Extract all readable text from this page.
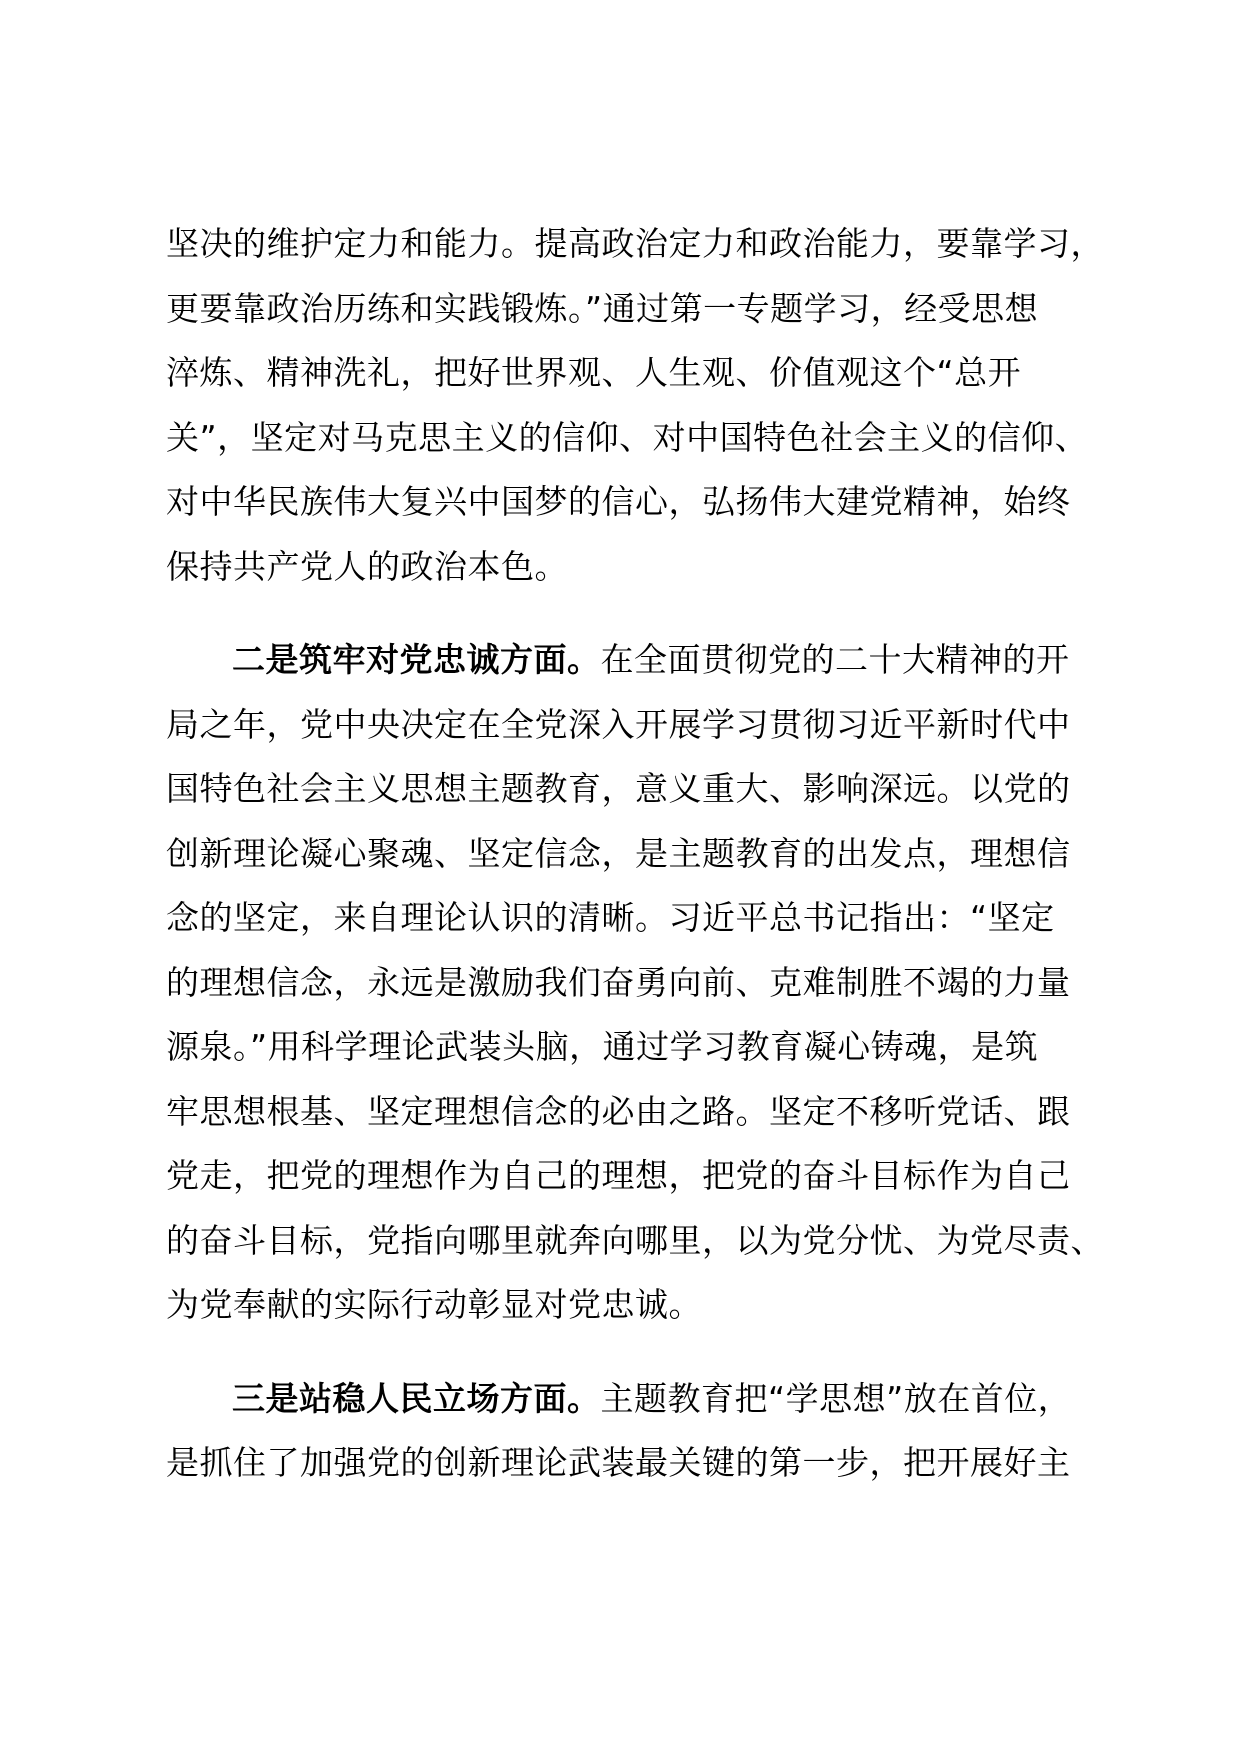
坚决的维护定力和能力。提高政治定力和政治能力，要靠学习，
更要靠政治历练和实践锻炼。”通过第一专题学习，经受思想
淬炼、精神洗礼，把好世界观、人生观、价值观这个“总开
关”，坚定对马克思主义的信仰、对中国特色社会主义的信仰、
对中华民族伟大复兴中国梦的信心，弘扬伟大建党精神，始终
保持共产党人的政治本色。

二是筑牢对党忠诚方面。在全面贯彻党的二十大精神的开
局之年，党中央决定在全党深入开展学习贯彻习近平新时代中
国特色社会主义思想主题教育，意义重大、影响深远。以党的
创新理论凝心聚魂、坚定信念，是主题教育的出发点，理想信
念的坚定，来自理论认识的清晰。习近平总书记指出：“坚定
的理想信念，永远是激励我们奋勇向前、克难制胜不竭的力量
源泉。”用科学理论武装头脑，通过学习教育凝心铸魂，是筑
牢思想根基、坚定理想信念的必由之路。坚定不移听党话、跟
党走，把党的理想作为自己的理想，把党的奋斗目标作为自己
的奋斗目标，党指向哪里就奔向哪里，以为党分忧、为党尽责、
为党奉献的实际行动彰显对党忠诚。

三是站稳人民立场方面。主题教育把“学思想”放在首位，
是抓住了加强党的创新理论武装最关键的第一步，把开展好主
